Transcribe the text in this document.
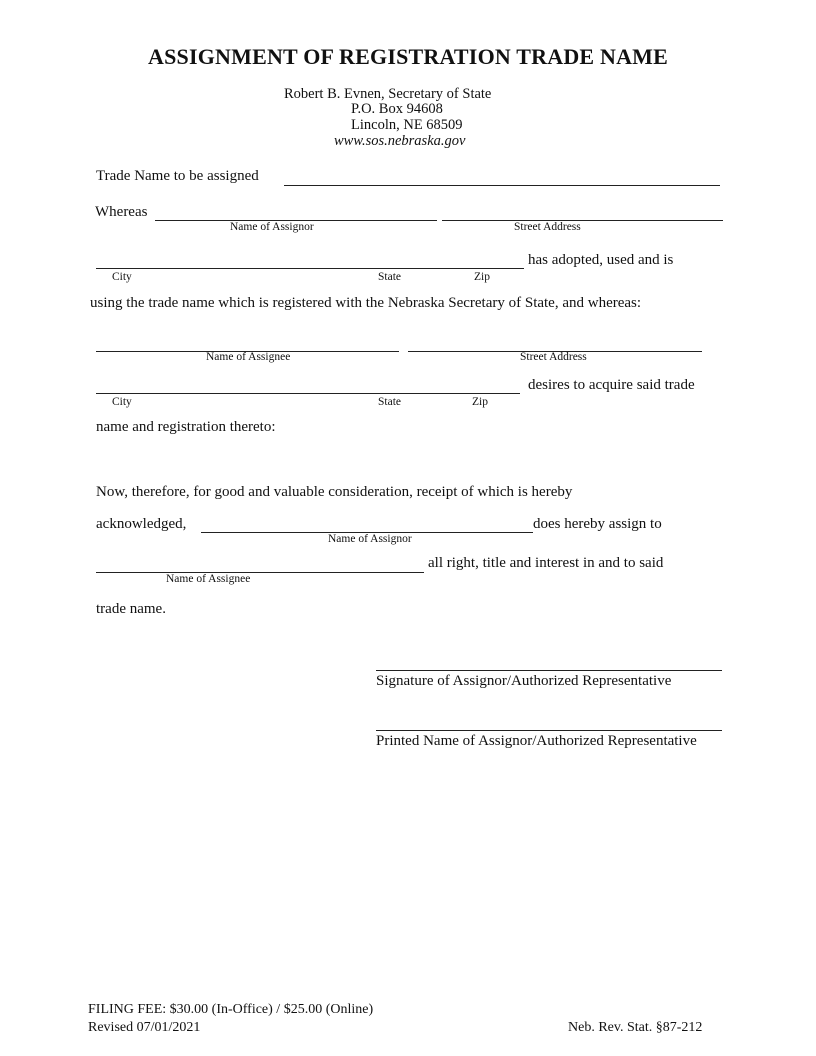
ASSIGNMENT OF REGISTRATION TRADE NAME
Robert B. Evnen, Secretary of State
P.O. Box 94608
Lincoln, NE 68509
www.sos.nebraska.gov
Trade Name to be assigned
Whereas
Name of Assignor	Street Address
has adopted, used and is
City	State	Zip
using the trade name which is registered with the Nebraska Secretary of State, and whereas:
Name of Assignee	Street Address
desires to acquire said trade
City	State	Zip
name and registration thereto:
Now, therefore, for good and valuable consideration, receipt of which is hereby
acknowledged,	does hereby assign to
Name of Assignor
all right, title and interest in and to said
Name of Assignee
trade name.
Signature of Assignor/Authorized Representative
Printed Name of Assignor/Authorized Representative
FILING FEE: $30.00 (In-Office) / $25.00 (Online)
Revised 07/01/2021	Neb. Rev. Stat. §87-212
